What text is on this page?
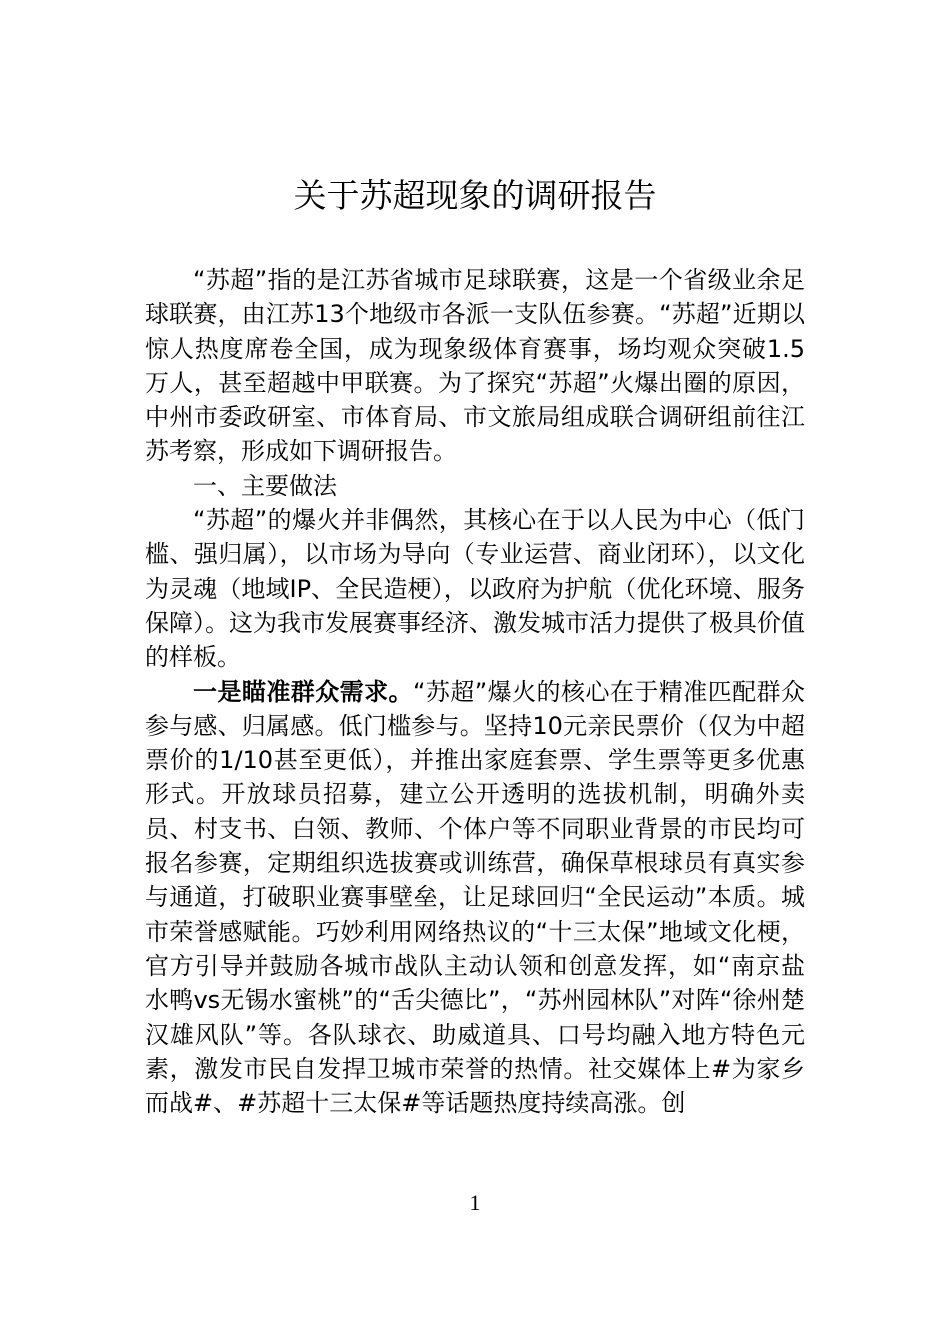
关于苏超现象的调研报告

“苏超”指的是江苏省城市足球联赛，这是一个省级业余足球联赛，由江苏13个地级市各派一支队伍参赛。“苏超”近期以惊人热度席卷全国，成为现象级体育赛事，场均观众突破1.5万人，甚至超越中甲联赛。为了探究“苏超”火爆出圈的原因，中州市委政研室、市体育局、市文旅局组成联合调研组前往江苏考察，形成如下调研报告。

一、主要做法

“苏超”的爆火并非偶然，其核心在于以人民为中心（低门槛、强归属），以市场为导向（专业运营、商业闭环），以文化为灵魂（地域IP、全民造梗），以政府为护航（优化环境、服务保障）。这为我市发展赛事经济、激发城市活力提供了极具价值的样板。

一是瞄准群众需求。“苏超”爆火的核心在于精准匹配群众参与感、归属感。低门槛参与。坚持10元亲民票价（仅为中超票价的1/10甚至更低），并推出家庭套票、学生票等更多优惠形式。开放球员招募，建立公开透明的选拔机制，明确外卖员、村支书、白领、教师、个体户等不同职业背景的市民均可报名参赛，定期组织选拔赛或训练营，确保草根球员有真实参与通道，打破职业赛事壁垒，让足球回归“全民运动”本质。城市荣誉感赋能。巧妙利用网络热议的“十三太保”地域文化梗，官方引导并鼓励各城市战队主动认领和创意发挥，如“南京盐水鸭vs无锡水蜜桃”的“舌尖德比”，“苏州园林队”对阵“徐州楚汉雄风队”等。各队球衣、助威道具、口号均融入地方特色元素，激发市民自发捍卫城市荣誉的热情。社交媒体上#为家乡而战#、#苏超十三太保#等话题热度持续高涨。创

1
